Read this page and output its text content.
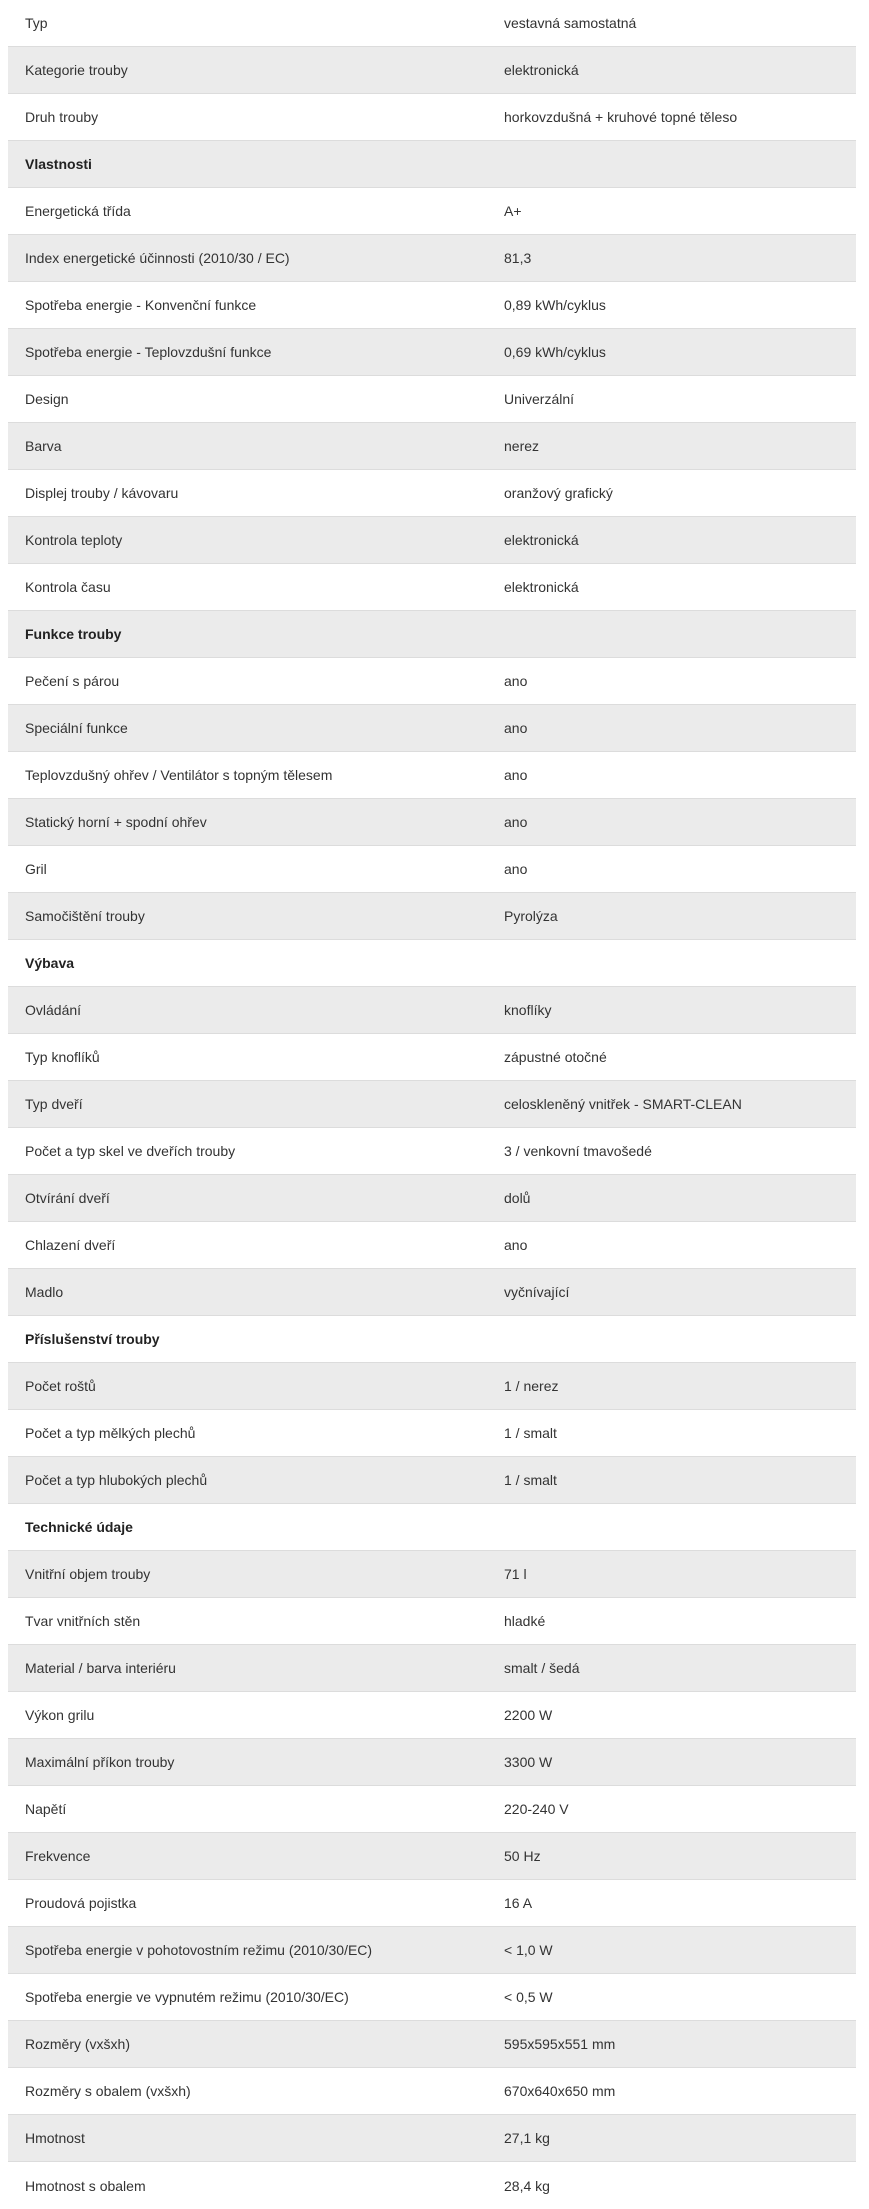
Typ	vestavná samostatná
Kategorie trouby	elektronická
Druh trouby	horkovzdušná + kruhové topné těleso
Vlastnosti
Energetická třída	A+
Index energetické účinnosti (2010/30 / EC)	81,3
Spotřeba energie - Konvenční funkce	0,89 kWh/cyklus
Spotřeba energie - Teplovzdušní funkce	0,69 kWh/cyklus
Design	Univerzální
Barva	nerez
Displej trouby / kávovaru	oranžový grafický
Kontrola teploty	elektronická
Kontrola času	elektronická
Funkce trouby
Pečení s párou	ano
Speciální funkce	ano
Teplovzdušný ohřev / Ventilátor s topným tělesem	ano
Statický horní + spodní ohřev	ano
Gril	ano
Samočištění trouby	Pyrolýza
Výbava
Ovládání	knoflíky
Typ knoflíků	zápustné otočné
Typ dveří	celoskleněný vnitřek - SMART-CLEAN
Počet a typ skel ve dveřích trouby	3 / venkovní tmavošedé
Otvírání dveří	dolů
Chlazení dveří	ano
Madlo	vyčnívající
Příslušenství trouby
Počet roštů	1 / nerez
Počet a typ mělkých plechů	1 / smalt
Počet a typ hlubokých plechů	1 / smalt
Technické údaje
Vnitřní objem trouby	71 l
Tvar vnitřních stěn	hladké
Material / barva interiéru	smalt / šedá
Výkon grilu	2200 W
Maximální příkon trouby	3300 W
Napětí	220-240 V
Frekvence	50 Hz
Proudová pojistka	16 A
Spotřeba energie v pohotovostním režimu (2010/30/EC)	< 1,0 W
Spotřeba energie ve vypnutém režimu (2010/30/EC)	< 0,5 W
Rozměry (vxšxh)	595x595x551 mm
Rozměry s obalem (vxšxh)	670x640x650 mm
Hmotnost	27,1 kg
Hmotnost s obalem	28,4 kg
